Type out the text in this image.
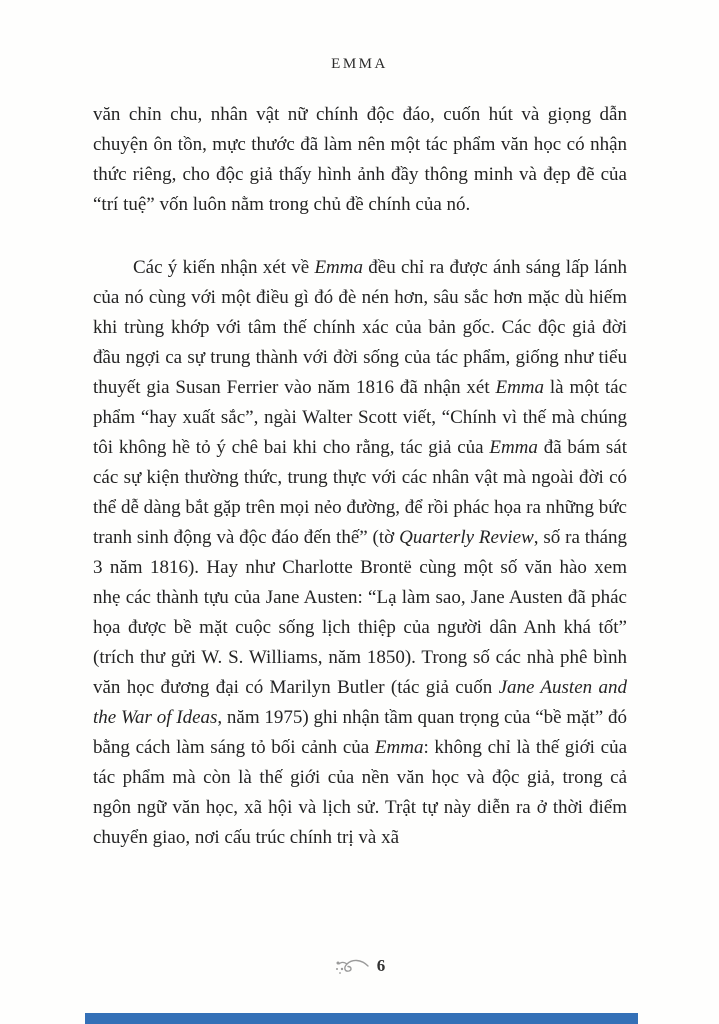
EMMA

văn chỉn chu, nhân vật nữ chính độc đáo, cuốn hút và giọng dẫn chuyện ôn tồn, mực thước đã làm nên một tác phẩm văn học có nhận thức riêng, cho độc giả thấy hình ảnh đầy thông minh và đẹp đẽ của “trí tuệ” vốn luôn nằm trong chủ đề chính của nó.

Các ý kiến nhận xét về Emma đều chỉ ra được ánh sáng lấp lánh của nó cùng với một điều gì đó đè nén hơn, sâu sắc hơn mặc dù hiếm khi trùng khớp với tâm thế chính xác của bản gốc. Các độc giả đời đầu ngợi ca sự trung thành với đời sống của tác phẩm, giống như tiểu thuyết gia Susan Ferrier vào năm 1816 đã nhận xét Emma là một tác phẩm “hay xuất sắc”, ngài Walter Scott viết, “Chính vì thế mà chúng tôi không hề tỏ ý chê bai khi cho rằng, tác giả của Emma đã bám sát các sự kiện thường thức, trung thực với các nhân vật mà ngoài đời có thể dễ dàng bắt gặp trên mọi nẻo đường, để rồi phác họa ra những bức tranh sinh động và độc đáo đến thế” (tờ Quarterly Review, số ra tháng 3 năm 1816). Hay như Charlotte Brontë cùng một số văn hào xem nhẹ các thành tựu của Jane Austen: “Lạ làm sao, Jane Austen đã phác họa được bề mặt cuộc sống lịch thiệp của người dân Anh khá tốt” (trích thư gửi W. S. Williams, năm 1850). Trong số các nhà phê bình văn học đương đại có Marilyn Butler (tác giả cuốn Jane Austen and the War of Ideas, năm 1975) ghi nhận tầm quan trọng của “bề mặt” đó bằng cách làm sáng tỏ bối cảnh của Emma: không chỉ là thế giới của tác phẩm mà còn là thế giới của nền văn học và độc giả, trong cả ngôn ngữ văn học, xã hội và lịch sử. Trật tự này diễn ra ở thời điểm chuyển giao, nơi cấu trúc chính trị và xã

6
